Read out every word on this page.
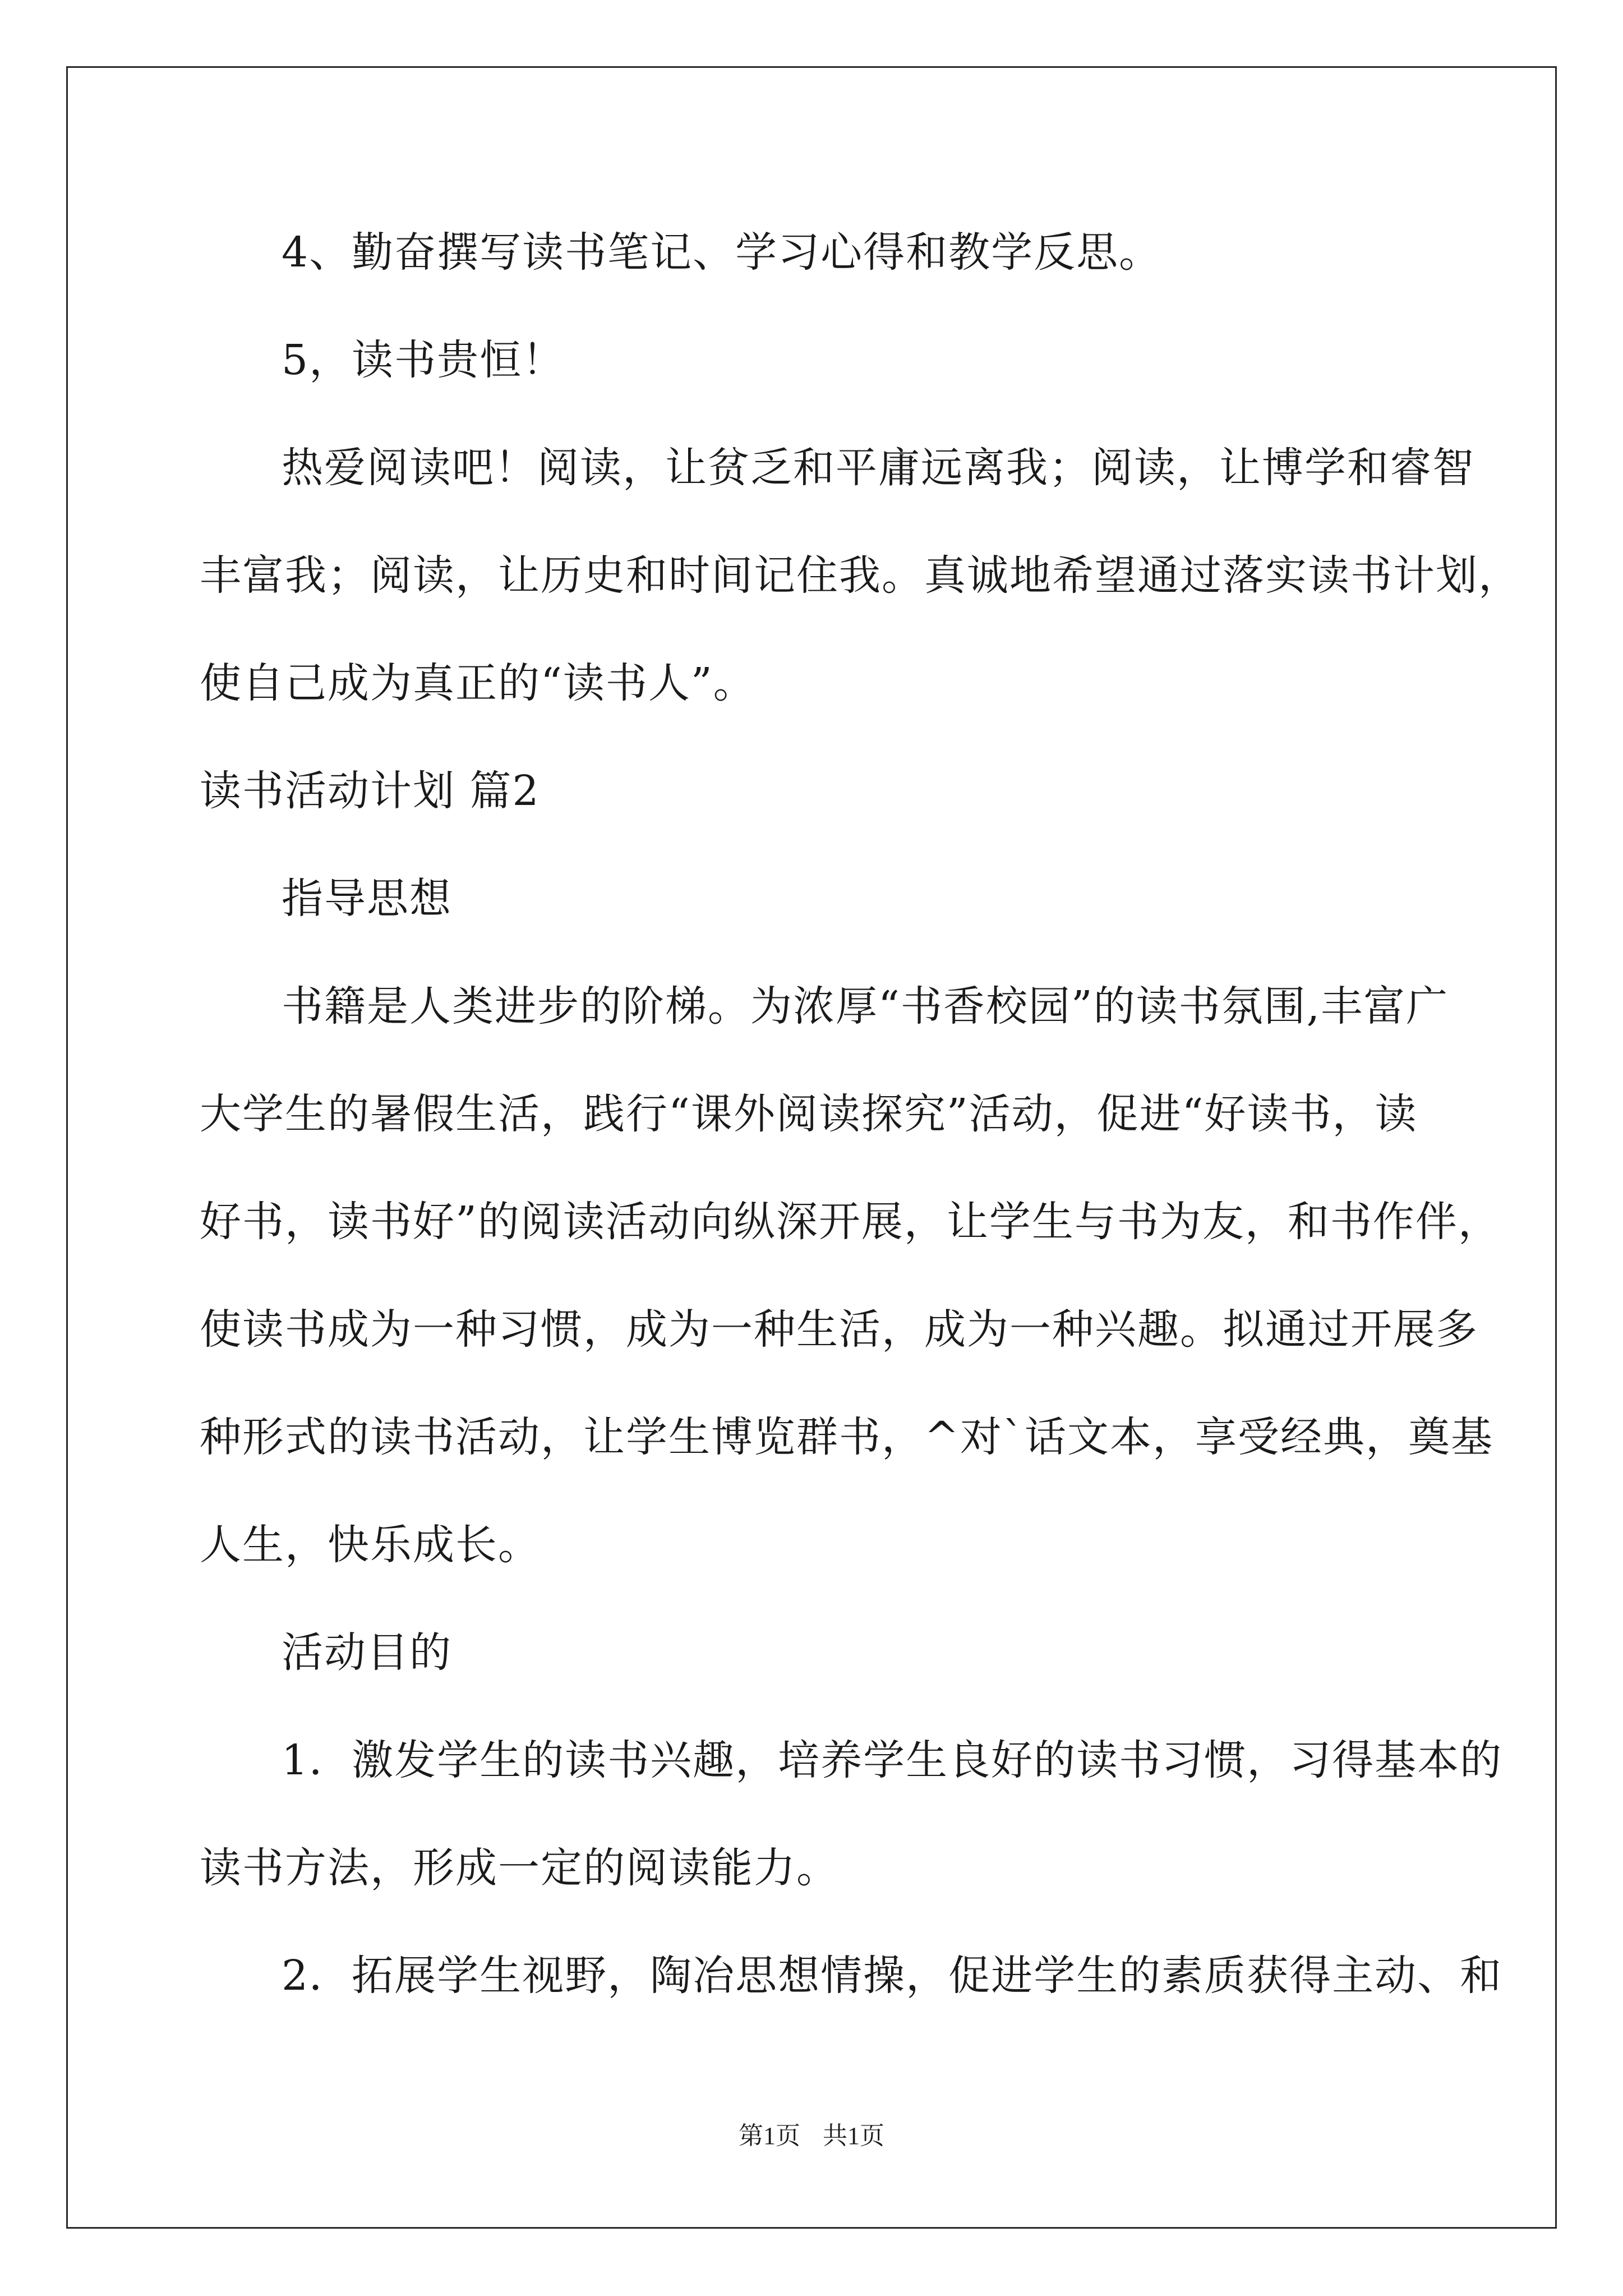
4、勤奋撰写读书笔记、学习心得和教学反思。
5，读书贵恒！
热爱阅读吧！阅读，让贫乏和平庸远离我；阅读，让博学和睿智
丰富我；阅读，让历史和时间记住我。真诚地希望通过落实读书计划，
使自己成为真正的“读书人”。
读书活动计划 篇2
指导思想
书籍是人类进步的阶梯。为浓厚“书香校园”的读书氛围,丰富广
大学生的暑假生活，践行“课外阅读探究”活动，促进“好读书，读
好书，读书好”的阅读活动向纵深开展，让学生与书为友，和书作伴，
使读书成为一种习惯，成为一种生活，成为一种兴趣。拟通过开展多
种形式的读书活动，让学生博览群书，^对`话文本，享受经典，奠基
人生，快乐成长。
活动目的
1．激发学生的读书兴趣，培养学生良好的读书习惯，习得基本的
读书方法，形成一定的阅读能力。
2．拓展学生视野，陶冶思想情操，促进学生的素质获得主动、和
第1页 共1页
